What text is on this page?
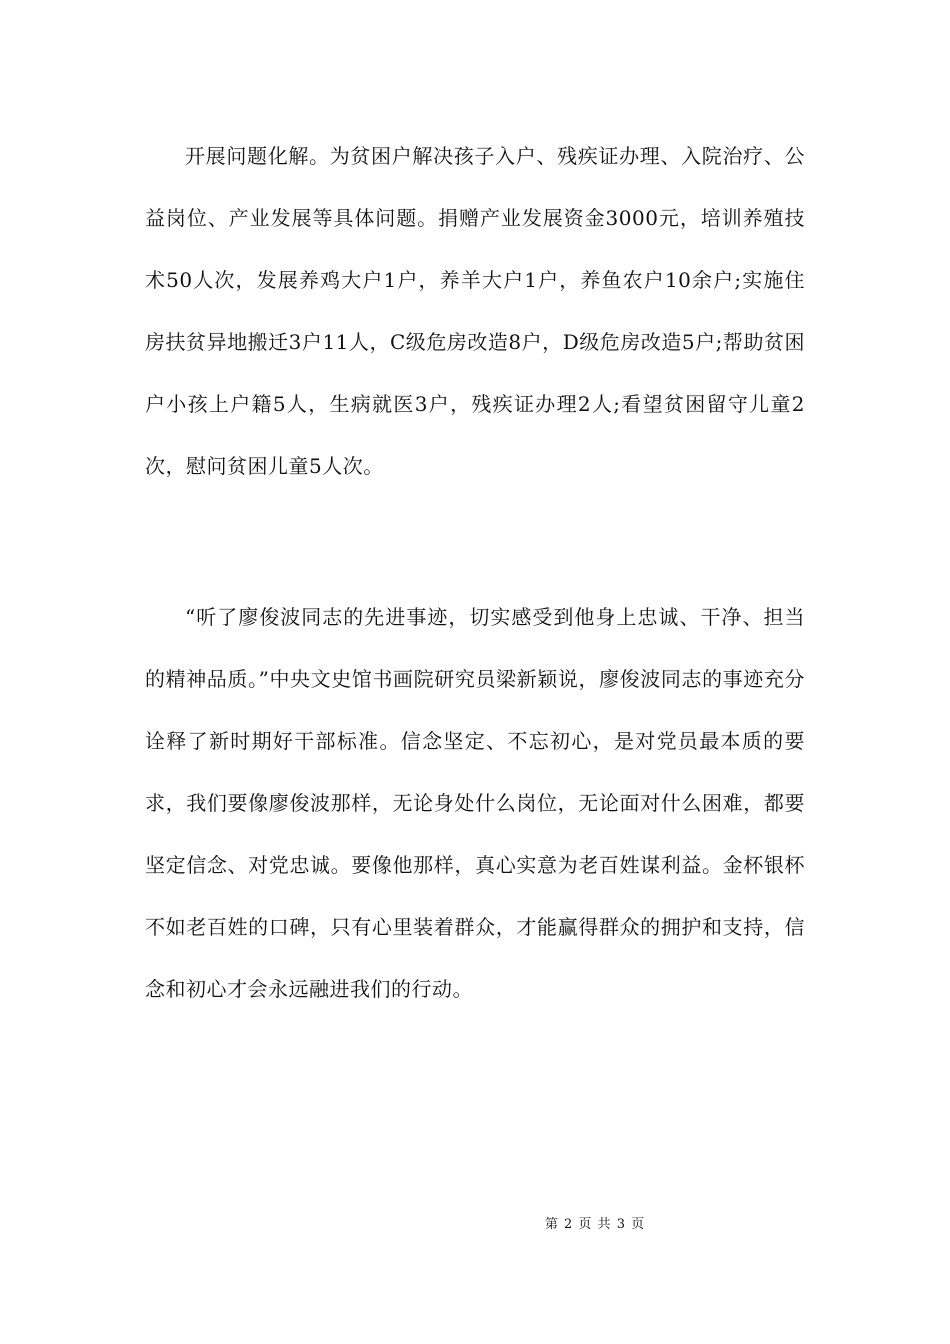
开展问题化解。为贫困户解决孩子入户、残疾证办理、入院治疗、公益岗位、产业发展等具体问题。捐赠产业发展资金3000元，培训养殖技术50人次，发展养鸡大户1户，养羊大户1户，养鱼农户10余户;实施住房扶贫异地搬迁3户11人，C级危房改造8户，D级危房改造5户;帮助贫困户小孩上户籍5人，生病就医3户，残疾证办理2人;看望贫困留守儿童2次，慰问贫困儿童5人次。

“听了廖俊波同志的先进事迹，切实感受到他身上忠诚、干净、担当的精神品质。”中央文史馆书画院研究员梁新颖说，廖俊波同志的事迹充分诠释了新时期好干部标准。信念坚定、不忘初心，是对党员最本质的要求，我们要像廖俊波那样，无论身处什么岗位，无论面对什么困难，都要坚定信念、对党忠诚。要像他那样，真心实意为老百姓谋利益。金杯银杯不如老百姓的口碑，只有心里装着群众，才能赢得群众的拥护和支持，信念和初心才会永远融进我们的行动。

第 2 页 共 3 页
